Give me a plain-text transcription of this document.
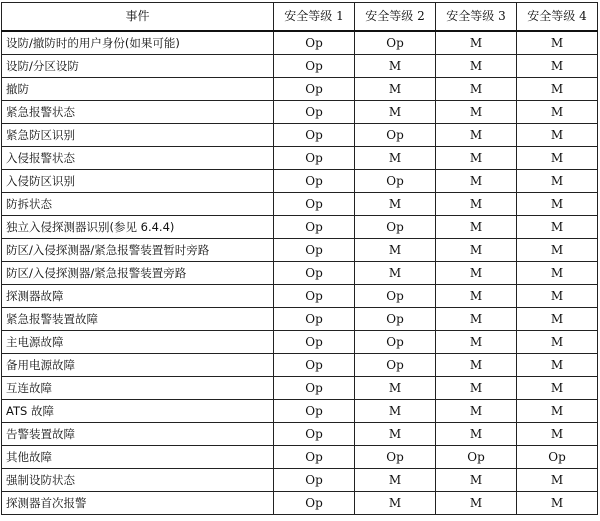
事件	安全等级 1	安全等级 2	安全等级 3	安全等级 4
设防/撤防时的用户身份(如果可能)	Op	Op	M	M
设防/分区设防	Op	M	M	M
撤防	Op	M	M	M
紧急报警状态	Op	M	M	M
紧急防区识别	Op	Op	M	M
入侵报警状态	Op	M	M	M
入侵防区识别	Op	Op	M	M
防拆状态	Op	M	M	M
独立入侵探测器识别(参见 6.4.4)	Op	Op	M	M
防区/入侵探测器/紧急报警装置暂时旁路	Op	M	M	M
防区/入侵探测器/紧急报警装置旁路	Op	M	M	M
探测器故障	Op	Op	M	M
紧急报警装置故障	Op	Op	M	M
主电源故障	Op	Op	M	M
备用电源故障	Op	Op	M	M
互连故障	Op	M	M	M
ATS 故障	Op	M	M	M
告警装置故障	Op	M	M	M
其他故障	Op	Op	Op	Op
强制设防状态	Op	M	M	M
探测器首次报警	Op	M	M	M
